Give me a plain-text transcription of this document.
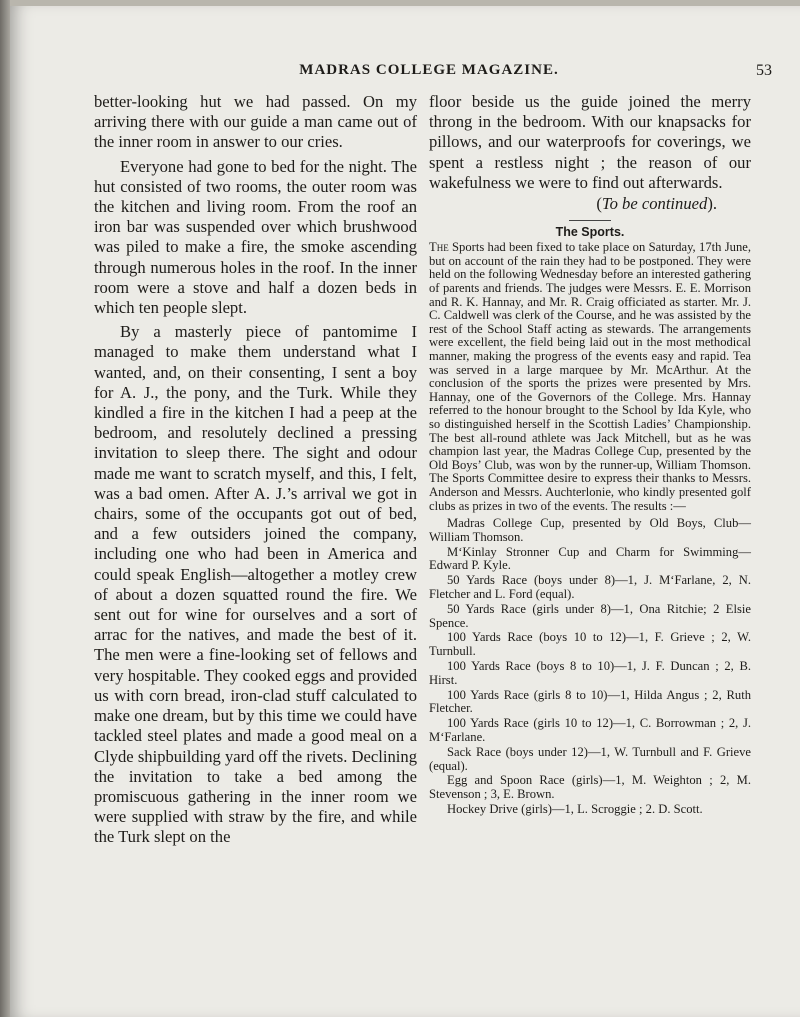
MADRAS COLLEGE MAGAZINE.	53

better-looking hut we had passed. On my arriving there with our guide a man came out of the inner room in answer to our cries.

Everyone had gone to bed for the night. The hut consisted of two rooms, the outer room was the kitchen and living room. From the roof an iron bar was suspended over which brushwood was piled to make a fire, the smoke ascending through numerous holes in the roof. In the inner room were a stove and half a dozen beds in which ten people slept.

By a masterly piece of pantomime I managed to make them understand what I wanted, and, on their consenting, I sent a boy for A. J., the pony, and the Turk. While they kindled a fire in the kitchen I had a peep at the bedroom, and resolutely declined a pressing invitation to sleep there. The sight and odour made me want to scratch myself, and this, I felt, was a bad omen. After A. J.’s arrival we got in chairs, some of the occupants got out of bed, and a few outsiders joined the company, including one who had been in America and could speak English—altogether a motley crew of about a dozen squatted round the fire. We sent out for wine for ourselves and a sort of arrac for the natives, and made the best of it. The men were a fine-looking set of fellows and very hospitable. They cooked eggs and provided us with corn bread, iron-clad stuff calculated to make one dream, but by this time we could have tackled steel plates and made a good meal on a Clyde shipbuilding yard off the rivets. Declining the invitation to take a bed among the promiscuous gathering in the inner room we were supplied with straw by the fire, and while the Turk slept on the

floor beside us the guide joined the merry throng in the bedroom. With our knapsacks for pillows, and our waterproofs for coverings, we spent a restless night ; the reason of our wakefulness we were to find out afterwards.

(To be continued).
The Sports.

The Sports had been fixed to take place on Saturday, 17th June, but on account of the rain they had to be postponed. They were held on the following Wednesday before an interested gathering of parents and friends. The judges were Messrs. E. E. Morrison and R. K. Hannay, and Mr. R. Craig officiated as starter. Mr. J. C. Caldwell was clerk of the Course, and he was assisted by the rest of the School Staff acting as stewards. The arrangements were excellent, the field being laid out in the most methodical manner, making the progress of the events easy and rapid. Tea was served in a large marquee by Mr. McArthur. At the conclusion of the sports the prizes were presented by Mrs. Hannay, one of the Governors of the College. Mrs. Hannay referred to the honour brought to the School by Ida Kyle, who so distinguished herself in the Scottish Ladies’ Championship. The best all-round athlete was Jack Mitchell, but as he was champion last year, the Madras College Cup, presented by the Old Boys’ Club, was won by the runner-up, William Thomson. The Sports Committee desire to express their thanks to Messrs. Anderson and Messrs. Auchterlonie, who kindly presented golf clubs as prizes in two of the events. The results :—

Madras College Cup, presented by Old Boys, Club—William Thomson.
M‘Kinlay Stronner Cup and Charm for Swimming—Edward P. Kyle.
50 Yards Race (boys under 8)—1, J. M‘Farlane, 2, N. Fletcher and L. Ford (equal).
50 Yards Race (girls under 8)—1, Ona Ritchie; 2 Elsie Spence.
100 Yards Race (boys 10 to 12)—1, F. Grieve ; 2, W. Turnbull.
100 Yards Race (boys 8 to 10)—1, J. F. Duncan ; 2, B. Hirst.
100 Yards Race (girls 8 to 10)—1, Hilda Angus ; 2, Ruth Fletcher.
100 Yards Race (girls 10 to 12)—1, C. Borrowman ; 2, J. M‘Farlane.
Sack Race (boys under 12)—1, W. Turnbull and F. Grieve (equal).
Egg and Spoon Race (girls)—1, M. Weighton ; 2, M. Stevenson ; 3, E. Brown.
Hockey Drive (girls)—1, L. Scroggie ; 2. D. Scott.
